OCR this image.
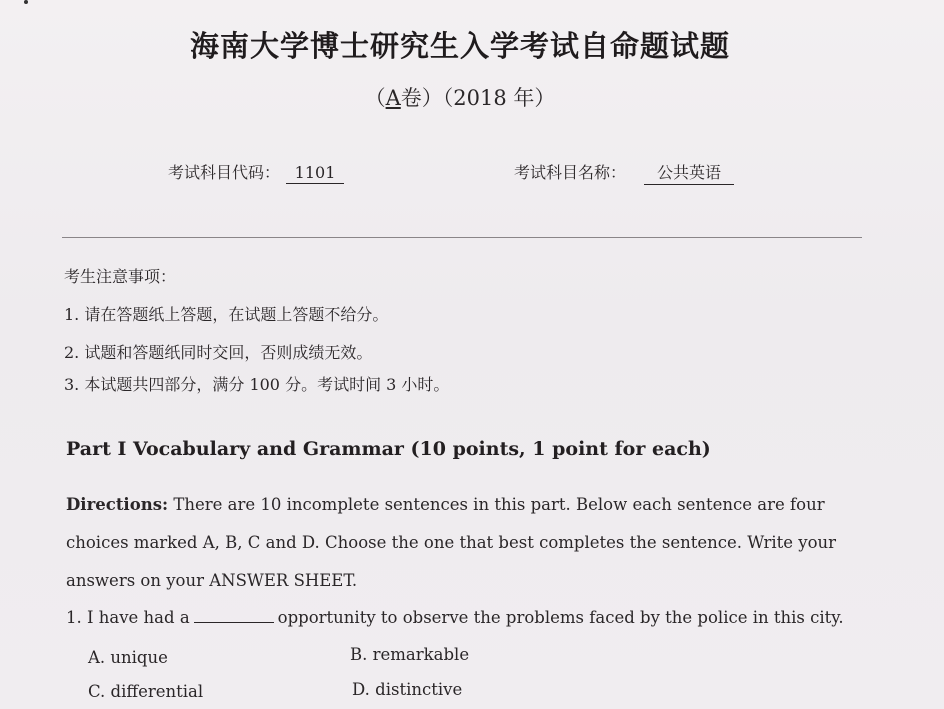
海南大学博士研究生入学考试自命题试题
（A卷）（2018 年）
考试科目代码： 1101	考试科目名称： 公共英语
考生注意事项：
1. 请在答题纸上答题，在试题上答题不给分。
2. 试题和答题纸同时交回，否则成绩无效。
3. 本试题共四部分，满分 100 分。考试时间 3 小时。
Part I Vocabulary and Grammar (10 points, 1 point for each)
Directions: There are 10 incomplete sentences in this part. Below each sentence are four choices marked A, B, C and D. Choose the one that best completes the sentence. Write your answers on your ANSWER SHEET.
1. I have had a	opportunity to observe the problems faced by the police in this city.
A. unique	B. remarkable
C. differential	D. distinctive
